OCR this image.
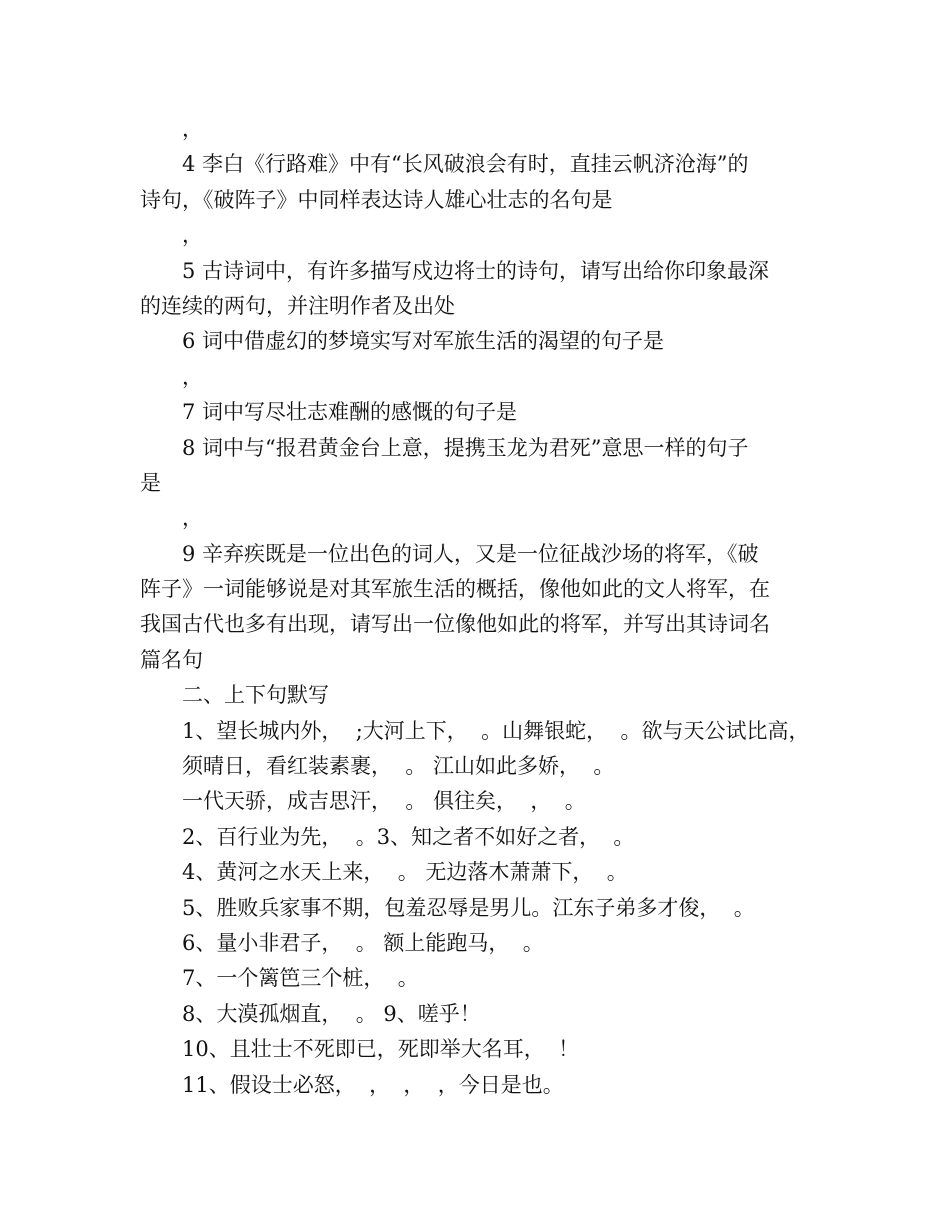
，
4 李白《行路难》中有“长风破浪会有时，直挂云帆济沧海”的
诗句，《破阵子》中同样表达诗人雄心壮志的名句是
，
5 古诗词中，有许多描写戍边将士的诗句，请写出给你印象最深
的连续的两句，并注明作者及出处
6 词中借虚幻的梦境实写对军旅生活的渴望的句子是
，
7 词中写尽壮志难酬的感慨的句子是
8 词中与“报君黄金台上意，提携玉龙为君死”意思一样的句子
是
，
9 辛弃疾既是一位出色的词人，又是一位征战沙场的将军，《破
阵子》一词能够说是对其军旅生活的概括，像他如此的文人将军，在
我国古代也多有出现，请写出一位像他如此的将军，并写出其诗词名
篇名句
二、上下句默写
1、望长城内外，  ;大河上下，  。山舞银蛇，  。欲与天公试比高，
须晴日，看红装素裹，  。 江山如此多娇，  。
一代天骄，成吉思汗，  。 俱往矣，  ，  。
2、百行业为先，  。3、知之者不如好之者，  。
4、黄河之水天上来，  。 无边落木萧萧下，  。
5、胜败兵家事不期，包羞忍辱是男儿。江东子弟多才俊，  。
6、量小非君子，  。 额上能跑马，  。
7、一个篱笆三个桩，  。
8、大漠孤烟直，  。 9、嗟乎！
10、且壮士不死即已，死即举大名耳，  ！
11、假设士必怒，  ，  ，  ，今日是也。
